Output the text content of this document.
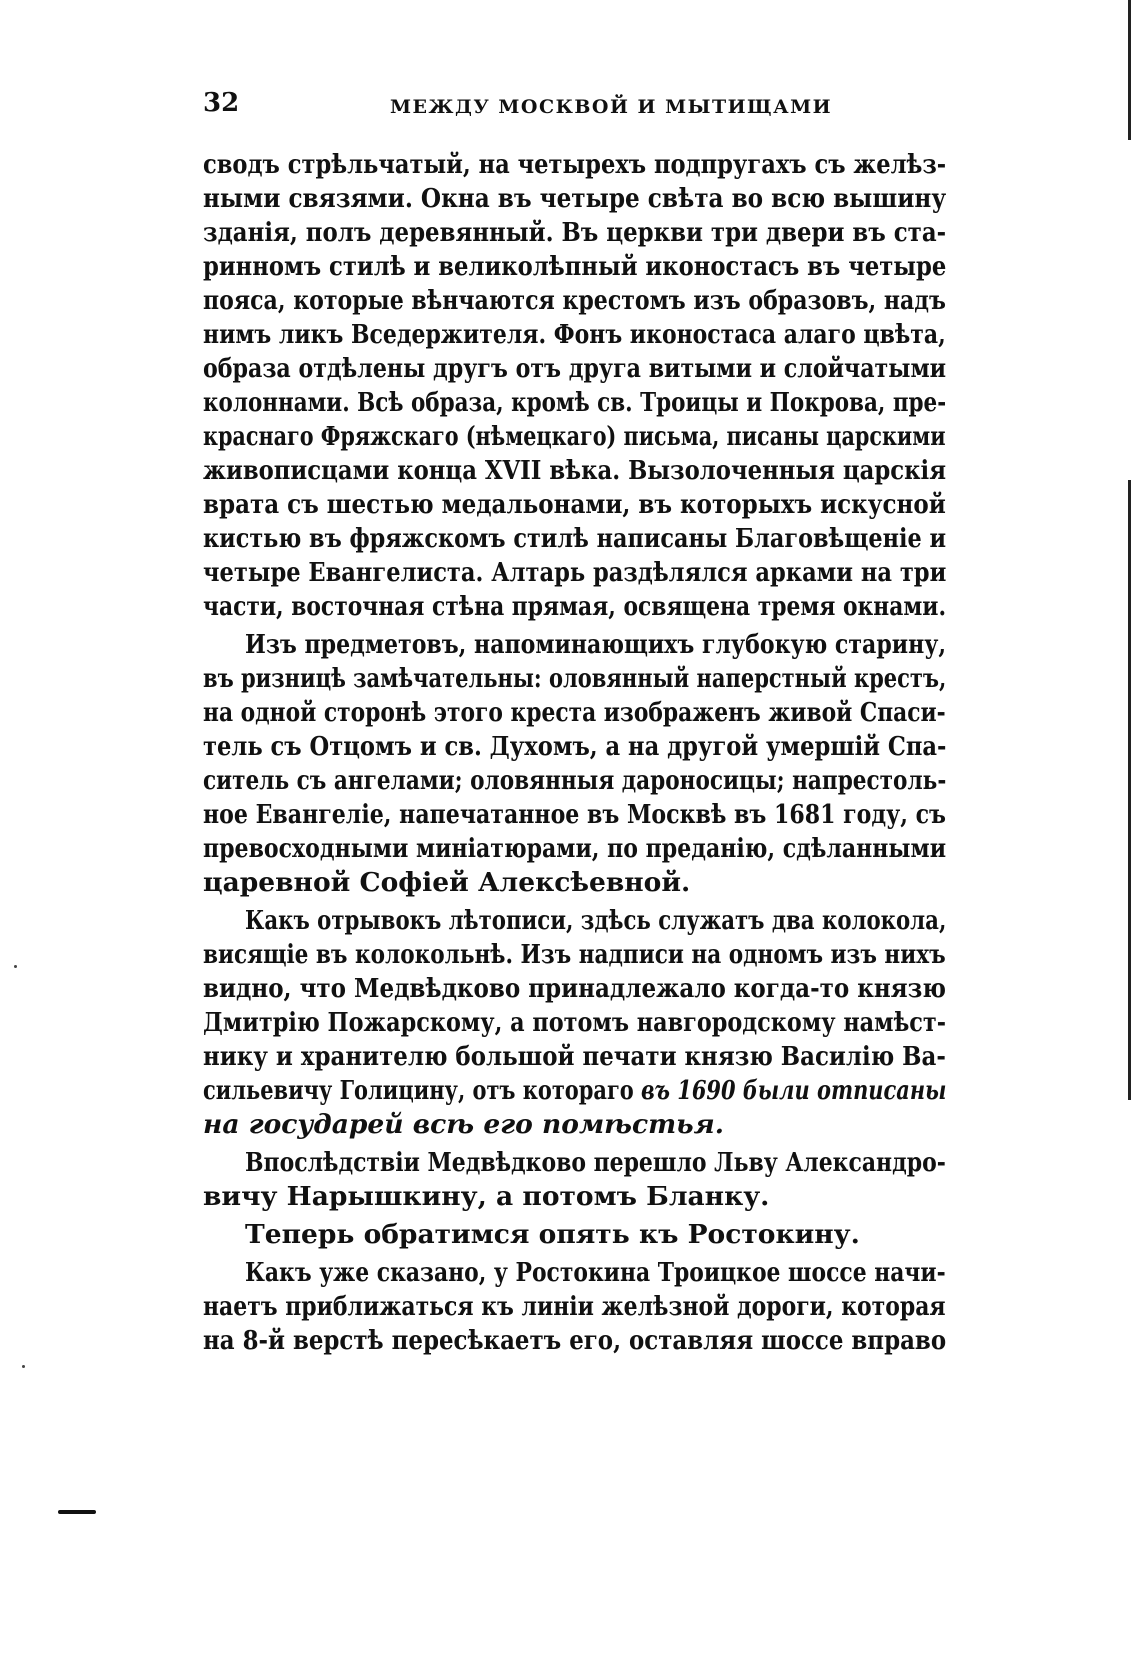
32	МЕЖДУ МОСКВОЙ И МЫТИЩАМИ
сводъ стрѣльчатый, на четырехъ подпругахъ съ желѣз-
ными связями. Окна въ четыре свѣта во всю вышину
зданія, полъ деревянный. Въ церкви три двери въ ста-
ринномъ стилѣ и великолѣпный иконостасъ въ четыре
пояса, которые вѣнчаются крестомъ изъ образовъ, надъ
нимъ ликъ Вседержителя. Фонъ иконостаса алаго цвѣта,
образа отдѣлены другъ отъ друга витыми и слойчатыми
колоннами. Всѣ образа, кромѣ св. Троицы и Покрова, пре-
краснаго Фряжскаго (нѣмецкаго) письма, писаны царскими
живописцами конца XVII вѣка. Вызолоченныя царскія
врата съ шестью медальонами, въ которыхъ искусной
кистью въ фряжскомъ стилѣ написаны Благовѣщеніе и
четыре Евангелиста. Алтарь раздѣлялся арками на три
части, восточная стѣна прямая, освящена тремя окнами.
Изъ предметовъ, напоминающихъ глубокую старину,
въ ризницѣ замѣчательны: оловянный наперстный крестъ,
на одной сторонѣ этого креста изображенъ живой Спаси-
тель съ Отцомъ и св. Духомъ, а на другой умершій Спа-
ситель съ ангелами; оловянныя дароносицы; напрестоль-
ное Евангеліе, напечатанное въ Москвѣ въ 1681 году, съ
превосходными миніатюрами, по преданію, сдѣланными
царевной Софіей Алексѣевной.
Какъ отрывокъ лѣтописи, здѣсь служатъ два колокола,
висящіе въ колокольнѣ. Изъ надписи на одномъ изъ нихъ
видно, что Медвѣдково принадлежало когда-то князю
Дмитрію Пожарскому, а потомъ навгородскому намѣст-
нику и хранителю большой печати князю Василію Ва-
сильевичу Голицину, отъ котораго въ 1690 были отписаны
на государей всѣ его помѣстья.
Впослѣдствіи Медвѣдково перешло Льву Александро-
вичу Нарышкину, а потомъ Бланку.
Теперь обратимся опять къ Ростокину.
Какъ уже сказано, у Ростокина Троицкое шоссе начи-
наетъ приближаться къ линіи желѣзной дороги, которая
на 8-й верстѣ пересѣкаетъ его, оставляя шоссе вправо
